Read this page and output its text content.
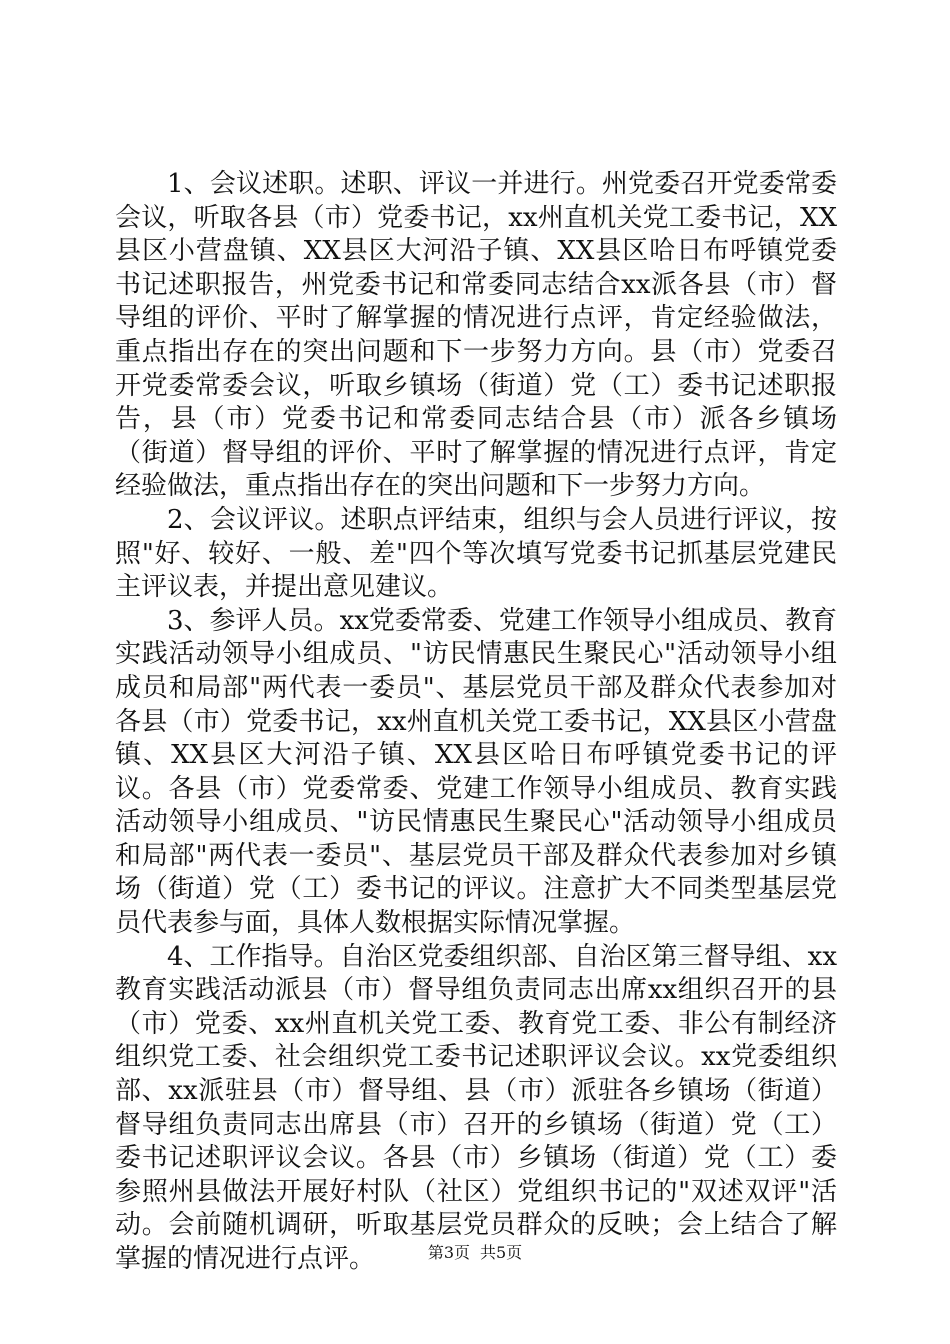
1、会议述职。述职、评议一并进行。州党委召开党委常委会议，听取各县（市）党委书记，xx州直机关党工委书记，XX县区小营盘镇、XX县区大河沿子镇、XX县区哈日布呼镇党委书记述职报告，州党委书记和常委同志结合xx派各县（市）督导组的评价、平时了解掌握的情况进行点评，肯定经验做法，重点指出存在的突出问题和下一步努力方向。县（市）党委召开党委常委会议，听取乡镇场（街道）党（工）委书记述职报告，县（市）党委书记和常委同志结合县（市）派各乡镇场（街道）督导组的评价、平时了解掌握的情况进行点评，肯定经验做法，重点指出存在的突出问题和下一步努力方向。

2、会议评议。述职点评结束，组织与会人员进行评议，按照"好、较好、一般、差"四个等次填写党委书记抓基层党建民主评议表，并提出意见建议。

3、参评人员。xx党委常委、党建工作领导小组成员、教育实践活动领导小组成员、"访民情惠民生聚民心"活动领导小组成员和局部"两代表一委员"、基层党员干部及群众代表参加对各县（市）党委书记，xx州直机关党工委书记，XX县区小营盘镇、XX县区大河沿子镇、XX县区哈日布呼镇党委书记的评议。各县（市）党委常委、党建工作领导小组成员、教育实践活动领导小组成员、"访民情惠民生聚民心"活动领导小组成员和局部"两代表一委员"、基层党员干部及群众代表参加对乡镇场（街道）党（工）委书记的评议。注意扩大不同类型基层党员代表参与面，具体人数根据实际情况掌握。

4、工作指导。自治区党委组织部、自治区第三督导组、xx教育实践活动派县（市）督导组负责同志出席xx组织召开的县（市）党委、xx州直机关党工委、教育党工委、非公有制经济组织党工委、社会组织党工委书记述职评议会议。xx党委组织部、xx派驻县（市）督导组、县（市）派驻各乡镇场（街道）督导组负责同志出席县（市）召开的乡镇场（街道）党（工）委书记述职评议会议。各县（市）乡镇场（街道）党（工）委参照州县做法开展好村队（社区）党组织书记的"双述双评"活动。会前随机调研，听取基层党员群众的反映；会上结合了解掌握的情况进行点评。	第3页 共5页
